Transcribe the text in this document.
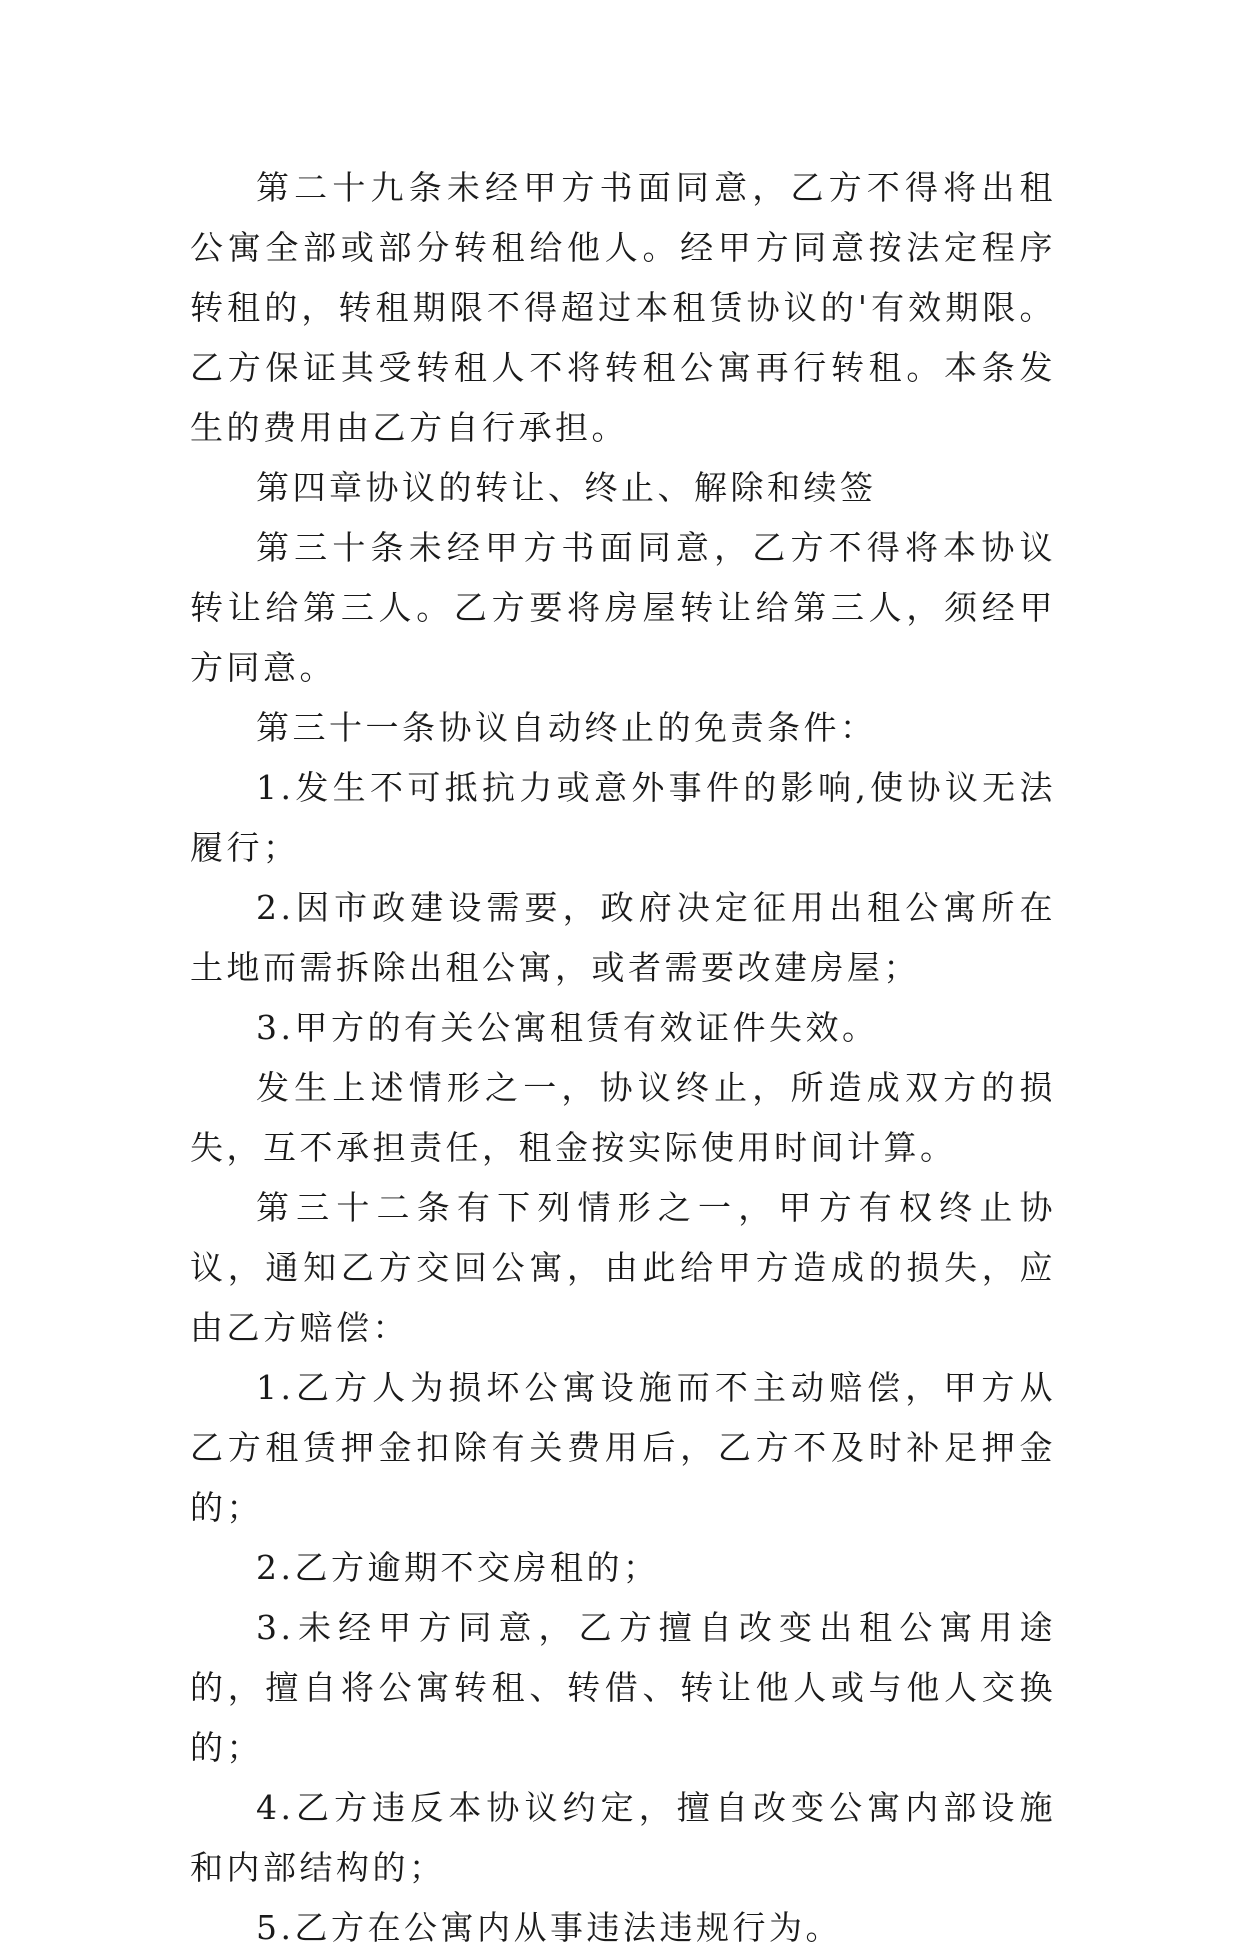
第二十九条未经甲方书面同意，乙方不得将出租公寓全部或部分转租给他人。经甲方同意按法定程序转租的，转租期限不得超过本租赁协议的'有效期限。乙方保证其受转租人不将转租公寓再行转租。本条发生的费用由乙方自行承担。

第四章协议的转让、终止、解除和续签

第三十条未经甲方书面同意，乙方不得将本协议转让给第三人。乙方要将房屋转让给第三人，须经甲方同意。

第三十一条协议自动终止的免责条件：

1.发生不可抵抗力或意外事件的影响,使协议无法履行；

2.因市政建设需要，政府决定征用出租公寓所在土地而需拆除出租公寓，或者需要改建房屋；

3.甲方的有关公寓租赁有效证件失效。

发生上述情形之一，协议终止，所造成双方的损失，互不承担责任，租金按实际使用时间计算。

第三十二条有下列情形之一，甲方有权终止协议，通知乙方交回公寓，由此给甲方造成的损失，应由乙方赔偿：

1.乙方人为损坏公寓设施而不主动赔偿，甲方从乙方租赁押金扣除有关费用后，乙方不及时补足押金的；

2.乙方逾期不交房租的；

3.未经甲方同意，乙方擅自改变出租公寓用途的，擅自将公寓转租、转借、转让他人或与他人交换的；

4.乙方违反本协议约定，擅自改变公寓内部设施和内部结构的；

5.乙方在公寓内从事违法违规行为。
